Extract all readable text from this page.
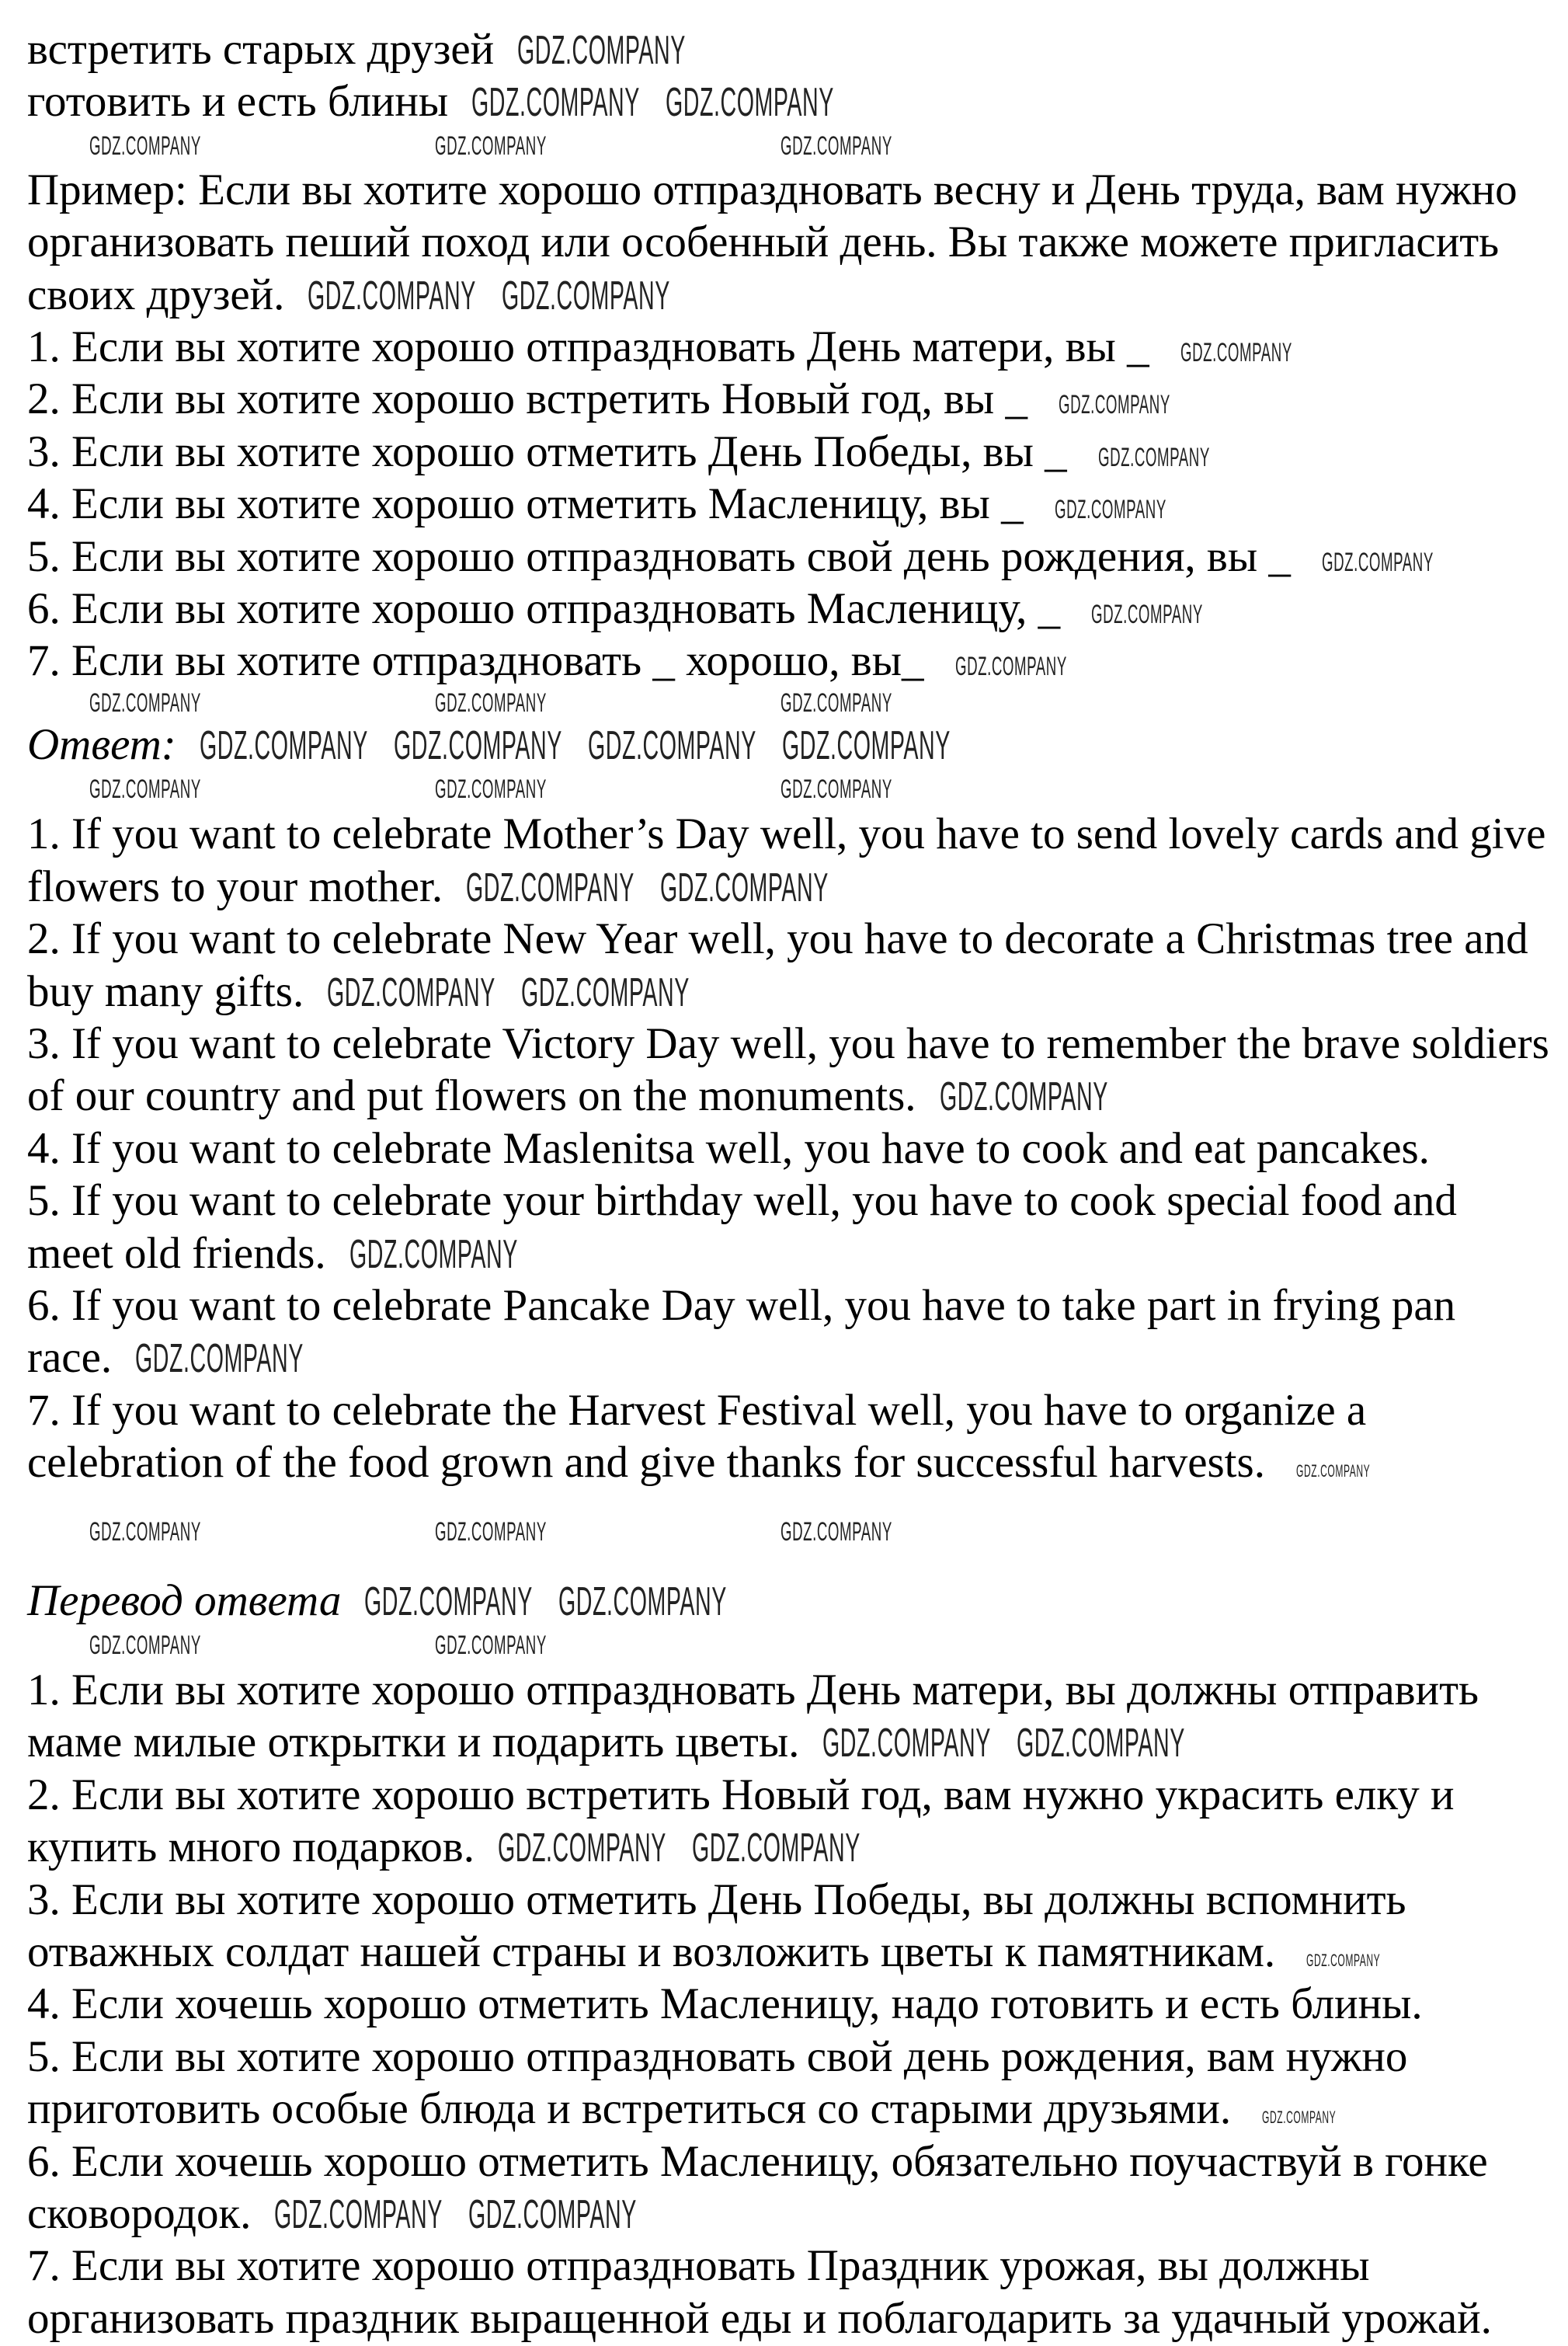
встретить старых друзей GDZ.COMPANY

готовить и есть блины GDZ.COMPANY GDZ.COMPANY

GDZ.COMPANY	GDZ.COMPANY	GDZ.COMPANY

Пример: Если вы хотите хорошо отпраздновать весну и День труда, вам нужно организовать пеший поход или особенный день. Вы также можете пригласить своих друзей. GDZ.COMPANY GDZ.COMPANY

1. Если вы хотите хорошо отпраздновать День матери, вы _ GDZ.COMPANY

2. Если вы хотите хорошо встретить Новый год, вы _ GDZ.COMPANY

3. Если вы хотите хорошо отметить День Победы, вы _ GDZ.COMPANY

4. Если вы хотите хорошо отметить Масленицу, вы _ GDZ.COMPANY

5. Если вы хотите хорошо отпраздновать свой день рождения, вы _ GDZ.COMPANY

6. Если вы хотите хорошо отпраздновать Масленицу, _ GDZ.COMPANY

7. Если вы хотите отпраздновать _ хорошо, вы_ GDZ.COMPANY

GDZ.COMPANY	GDZ.COMPANY	GDZ.COMPANY

Ответ: GDZ.COMPANY GDZ.COMPANY GDZ.COMPANY GDZ.COMPANY

GDZ.COMPANY	GDZ.COMPANY	GDZ.COMPANY

1. If you want to celebrate Mother’s Day well, you have to send lovely cards and give flowers to your mother. GDZ.COMPANY GDZ.COMPANY

2. If you want to celebrate New Year well, you have to decorate a Christmas tree and buy many gifts. GDZ.COMPANY GDZ.COMPANY

3. If you want to celebrate Victory Day well, you have to remember the brave soldiers of our country and put flowers on the monuments. GDZ.COMPANY

4. If you want to celebrate Maslenitsa well, you have to cook and eat pancakes.

5. If you want to celebrate your birthday well, you have to cook special food and meet old friends. GDZ.COMPANY

6. If you want to celebrate Pancake Day well, you have to take part in frying pan race. GDZ.COMPANY

7. If you want to celebrate the Harvest Festival well, you have to organize a celebration of the food grown and give thanks for successful harvests. GDZ.COMPANY

GDZ.COMPANY	GDZ.COMPANY	GDZ.COMPANY

Перевод ответа GDZ.COMPANY GDZ.COMPANY

GDZ.COMPANY	GDZ.COMPANY

1. Если вы хотите хорошо отпраздновать День матери, вы должны отправить маме милые открытки и подарить цветы. GDZ.COMPANY GDZ.COMPANY

2. Если вы хотите хорошо встретить Новый год, вам нужно украсить елку и купить много подарков. GDZ.COMPANY GDZ.COMPANY

3. Если вы хотите хорошо отметить День Победы, вы должны вспомнить отважных солдат нашей страны и возложить цветы к памятникам. GDZ.COMPANY

4. Если хочешь хорошо отметить Масленицу, надо готовить и есть блины.

5. Если вы хотите хорошо отпраздновать свой день рождения, вам нужно приготовить особые блюда и встретиться со старыми друзьями. GDZ.COMPANY

6. Если хочешь хорошо отметить Масленицу, обязательно поучаствуй в гонке сковородок. GDZ.COMPANY GDZ.COMPANY

7. Если вы хотите хорошо отпраздновать Праздник урожая, вы должны организовать праздник выращенной еды и поблагодарить за удачный урожай.
